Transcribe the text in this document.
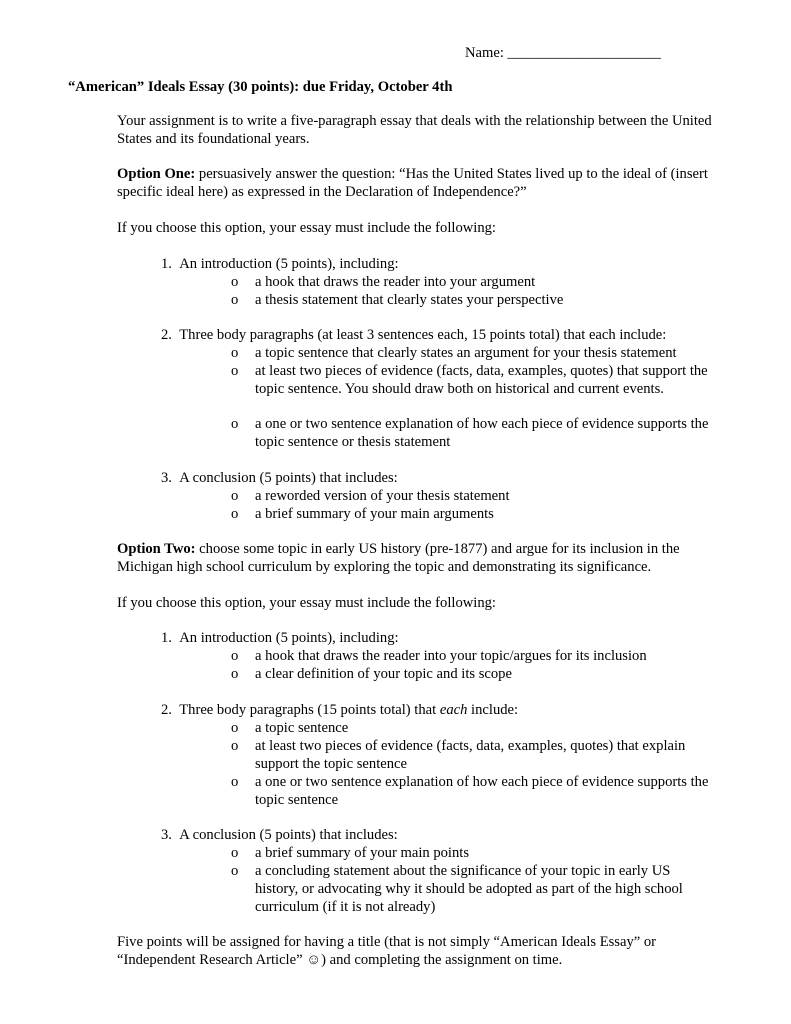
Name: _____________________
“American” Ideals Essay (30 points): due Friday, October 4th

Your assignment is to write a five-paragraph essay that deals with the relationship between the United States and its foundational years.

Option One: persuasively answer the question: “Has the United States lived up to the ideal of (insert specific ideal here) as expressed in the Declaration of Independence?”

If you choose this option, your essay must include the following:

1. An introduction (5 points), including:
o a hook that draws the reader into your argument
o a thesis statement that clearly states your perspective
2. Three body paragraphs (at least 3 sentences each, 15 points total) that each include:
o a topic sentence that clearly states an argument for your thesis statement
o at least two pieces of evidence (facts, data, examples, quotes) that support the topic sentence. You should draw both on historical and current events.
o a one or two sentence explanation of how each piece of evidence supports the topic sentence or thesis statement
3. A conclusion (5 points) that includes:
o a reworded version of your thesis statement
o a brief summary of your main arguments

Option Two: choose some topic in early US history (pre-1877) and argue for its inclusion in the Michigan high school curriculum by exploring the topic and demonstrating its significance.

If you choose this option, your essay must include the following:

1. An introduction (5 points), including:
o a hook that draws the reader into your topic/argues for its inclusion
o a clear definition of your topic and its scope
2. Three body paragraphs (15 points total) that each include:
o a topic sentence
o at least two pieces of evidence (facts, data, examples, quotes) that explain support the topic sentence
o a one or two sentence explanation of how each piece of evidence supports the topic sentence
3. A conclusion (5 points) that includes:
o a brief summary of your main points
o a concluding statement about the significance of your topic in early US history, or advocating why it should be adopted as part of the high school curriculum (if it is not already)

Five points will be assigned for having a title (that is not simply “American Ideals Essay” or “Independent Research Article” ☺) and completing the assignment on time.
